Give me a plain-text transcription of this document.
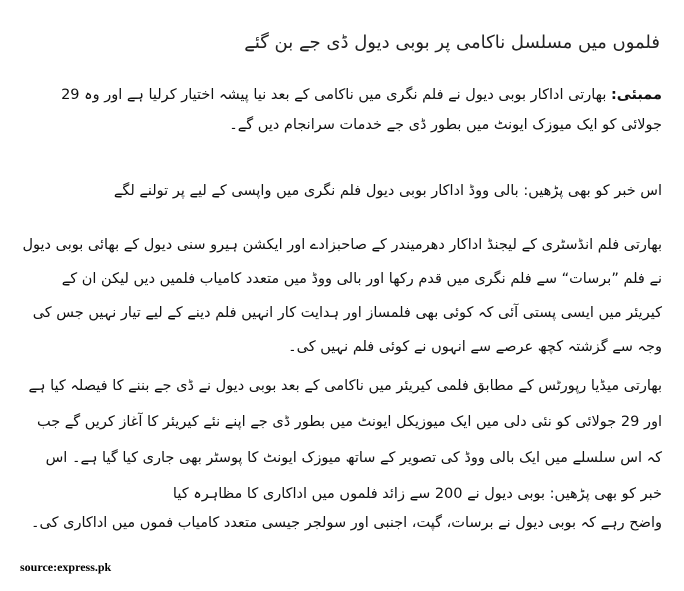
فلموں میں مسلسل ناکامی پر بوبی دیول ڈی جے بن گئے

ممبئی: بھارتی اداکار بوبی دیول نے فلم نگری میں ناکامی کے بعد نیا پیشہ اختیار کرلیا ہے اور وہ 29 جولائی کو ایک میوزک ایونٹ میں بطور ڈی جے خدمات سرانجام دیں گے۔

اس خبر کو بھی پڑھیں: بالی ووڈ اداکار بوبی دیول فلم نگری میں واپسی کے لیے پر تولنے لگے

بھارتی فلم انڈسٹری کے لیجنڈ اداکار دھرمیندر کے صاحبزادے اور ایکشن ہیرو سنی دیول کے بھائی بوبی دیول نے فلم ”برسات“ سے فلم نگری میں قدم رکھا اور بالی ووڈ میں متعدد کامیاب فلمیں دیں لیکن ان کے کیریئر میں ایسی پستی آئی کہ کوئی بھی فلمساز اور ہدایت کار انہیں فلم دینے کے لیے تیار نہیں جس کی وجہ سے گزشتہ کچھ عرصے سے انہوں نے کوئی فلم نہیں کی۔

بھارتی میڈیا رپورٹس کے مطابق فلمی کیریئر میں ناکامی کے بعد بوبی دیول نے ڈی جے بننے کا فیصلہ کیا ہے اور 29 جولائی کو نئی دلی میں ایک میوزیکل ایونٹ میں بطور ڈی جے اپنے نئے کیریئر کا آغاز کریں گے جب کہ اس سلسلے میں ایک بالی ووڈ کی تصویر کے ساتھ میوزک ایونٹ کا پوسٹر بھی جاری کیا گیا ہے۔ اس خبر کو بھی پڑھیں: بوبی دیول نے 200 سے زائد فلموں میں اداکاری کا مظاہرہ کیا

واضح رہے کہ بوبی دیول نے برسات، گپت، اجنبی اور سولجر جیسی متعدد کامیاب فموں میں اداکاری کی۔

source:express.pk
